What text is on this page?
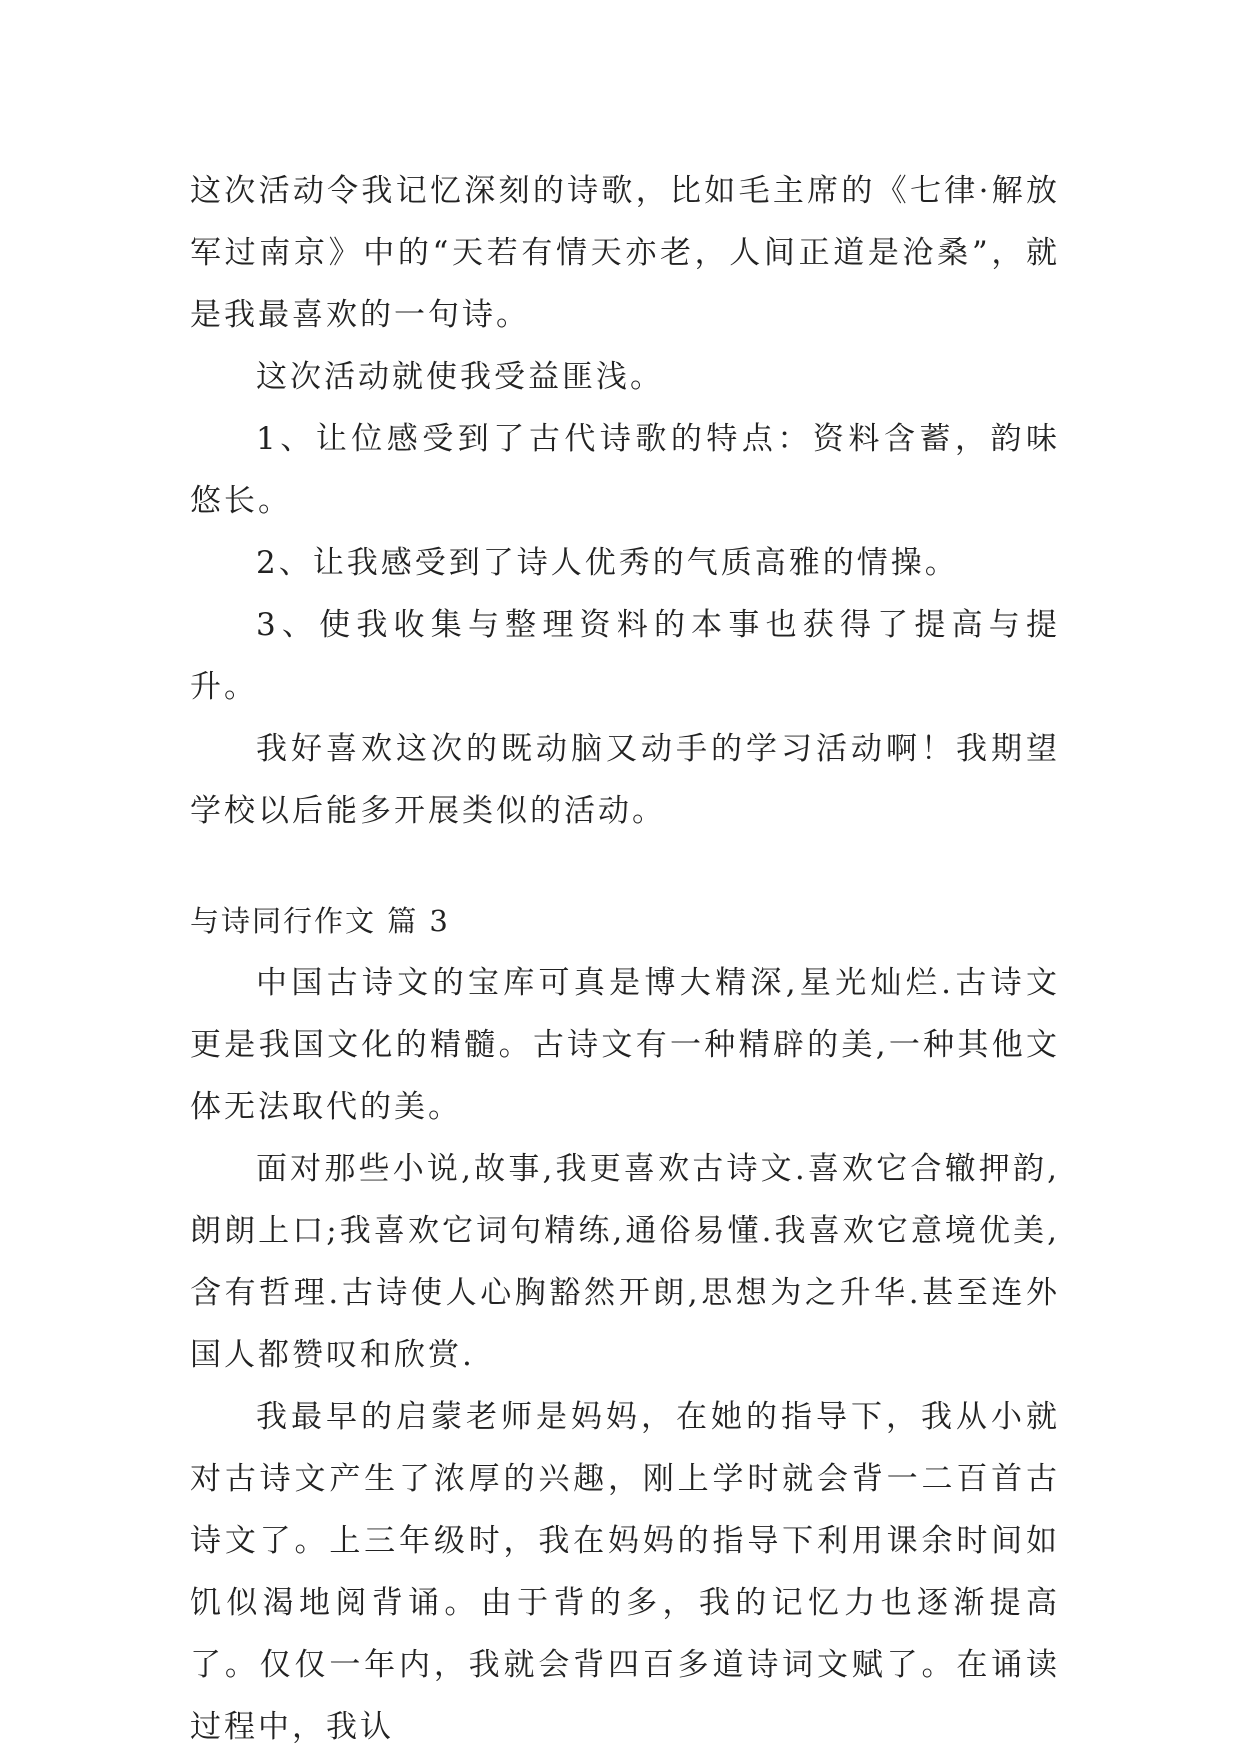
这次活动令我记忆深刻的诗歌，比如毛主席的《七律·解放军过南京》中的“天若有情天亦老，人间正道是沧桑”，就是我最喜欢的一句诗。

这次活动就使我受益匪浅。

1、让位感受到了古代诗歌的特点：资料含蓄，韵味悠长。

2、让我感受到了诗人优秀的气质高雅的情操。

3、使我收集与整理资料的本事也获得了提高与提升。

我好喜欢这次的既动脑又动手的学习活动啊！我期望学校以后能多开展类似的活动。

与诗同行作文 篇 3

中国古诗文的宝库可真是博大精深,星光灿烂.古诗文更是我国文化的精髓。古诗文有一种精辟的美,一种其他文体无法取代的美。

面对那些小说,故事,我更喜欢古诗文.喜欢它合辙押韵,朗朗上口;我喜欢它词句精练,通俗易懂.我喜欢它意境优美,含有哲理.古诗使人心胸豁然开朗,思想为之升华.甚至连外国人都赞叹和欣赏.

我最早的启蒙老师是妈妈，在她的指导下，我从小就对古诗文产生了浓厚的兴趣，刚上学时就会背一二百首古诗文了。上三年级时，我在妈妈的指导下利用课余时间如饥似渴地阅背诵。由于背的多，我的记忆力也逐渐提高了。仅仅一年内，我就会背四百多道诗词文赋了。在诵读过程中，我认
